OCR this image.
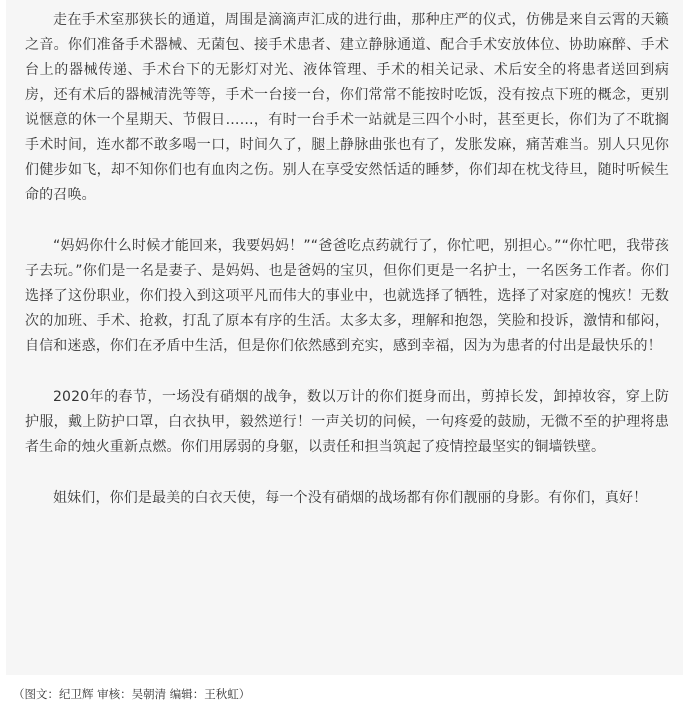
走在手术室那狭长的通道，周围是滴滴声汇成的进行曲，那种庄严的仪式，仿佛是来自云霄的天籁之音。你们准备手术器械、无菌包、接手术患者、建立静脉通道、配合手术安放体位、协助麻醉、手术台上的器械传递、手术台下的无影灯对光、液体管理、手术的相关记录、术后安全的将患者送回到病房，还有术后的器械清洗等等，手术一台接一台，你们常常不能按时吃饭，没有按点下班的概念，更别说惬意的休一个星期天、节假日……，有时一台手术一站就是三四个小时，甚至更长，你们为了不耽搁手术时间，连水都不敢多喝一口，时间久了，腿上静脉曲张也有了，发胀发麻，痛苦难当。别人只见你们健步如飞，却不知你们也有血肉之伤。别人在享受安然恬适的睡梦，你们却在枕戈待旦，随时听候生命的召唤。

“妈妈你什么时候才能回来，我要妈妈！”“爸爸吃点药就行了，你忙吧，别担心。”“你忙吧，我带孩子去玩。”你们是一名是妻子、是妈妈、也是爸妈的宝贝，但你们更是一名护士，一名医务工作者。你们选择了这份职业，你们投入到这项平凡而伟大的事业中，也就选择了牺牲，选择了对家庭的愧疚！无数次的加班、手术、抢救，打乱了原本有序的生活。太多太多，理解和抱怨，笑脸和投诉，激情和郁闷，自信和迷惑，你们在矛盾中生活，但是你们依然感到充实，感到幸福，因为为患者的付出是最快乐的！

2020年的春节，一场没有硝烟的战争，数以万计的你们挺身而出，剪掉长发，卸掉妆容，穿上防护服，戴上防护口罩，白衣执甲，毅然逆行！一声关切的问候，一句疼爱的鼓励，无微不至的护理将患者生命的烛火重新点燃。你们用孱弱的身躯，以责任和担当筑起了疫情控最坚实的铜墙铁壁。

姐妹们，你们是最美的白衣天使，每一个没有硝烟的战场都有你们靓丽的身影。有你们，真好！

（图文：纪卫辉 审核：吴朝清 编辑：王秋虹）
